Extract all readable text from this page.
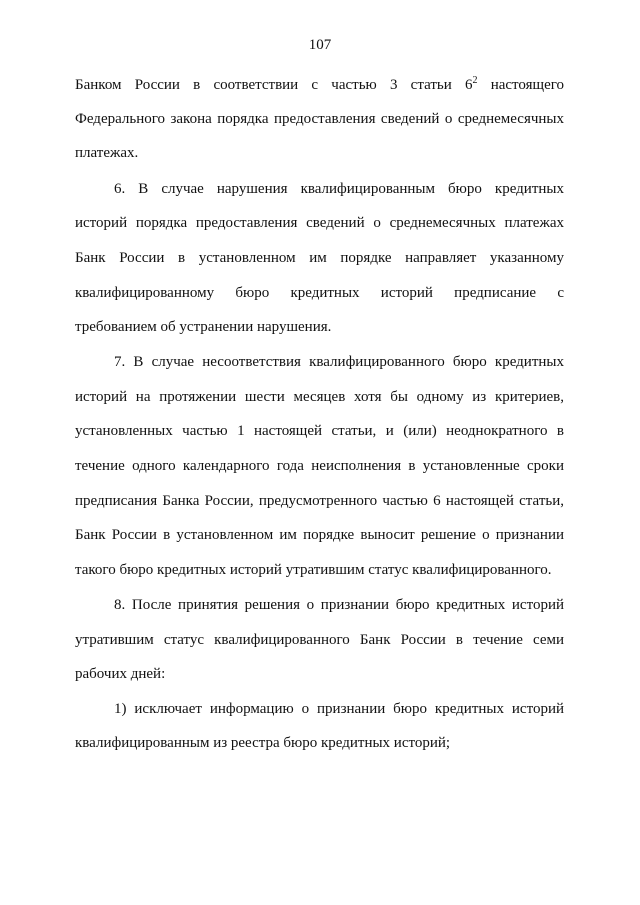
107
Банком России в соответствии с частью 3 статьи $6^2$ настоящего
Федерального закона порядка предоставления сведений о среднемесячных
платежах.
6. В случае нарушения квалифицированным бюро кредитных
историй порядка предоставления сведений о среднемесячных платежах
Банк России в установленном им порядке направляет указанному
квалифицированному бюро кредитных историй предписание с
требованием об устранении нарушения.
7. В случае несоответствия квалифицированного бюро кредитных
историй на протяжении шести месяцев хотя бы одному из критериев,
установленных частью 1 настоящей статьи, и (или) неоднократного в
течение одного календарного года неисполнения в установленные сроки
предписания Банка России, предусмотренного частью 6 настоящей статьи,
Банк России в установленном им порядке выносит решение о признании
такого бюро кредитных историй утратившим статус квалифицированного.
8. После принятия решения о признании бюро кредитных историй
утратившим статус квалифицированного Банк России в течение семи
рабочих дней:
1) исключает информацию о признании бюро кредитных историй
квалифицированным из реестра бюро кредитных историй;
